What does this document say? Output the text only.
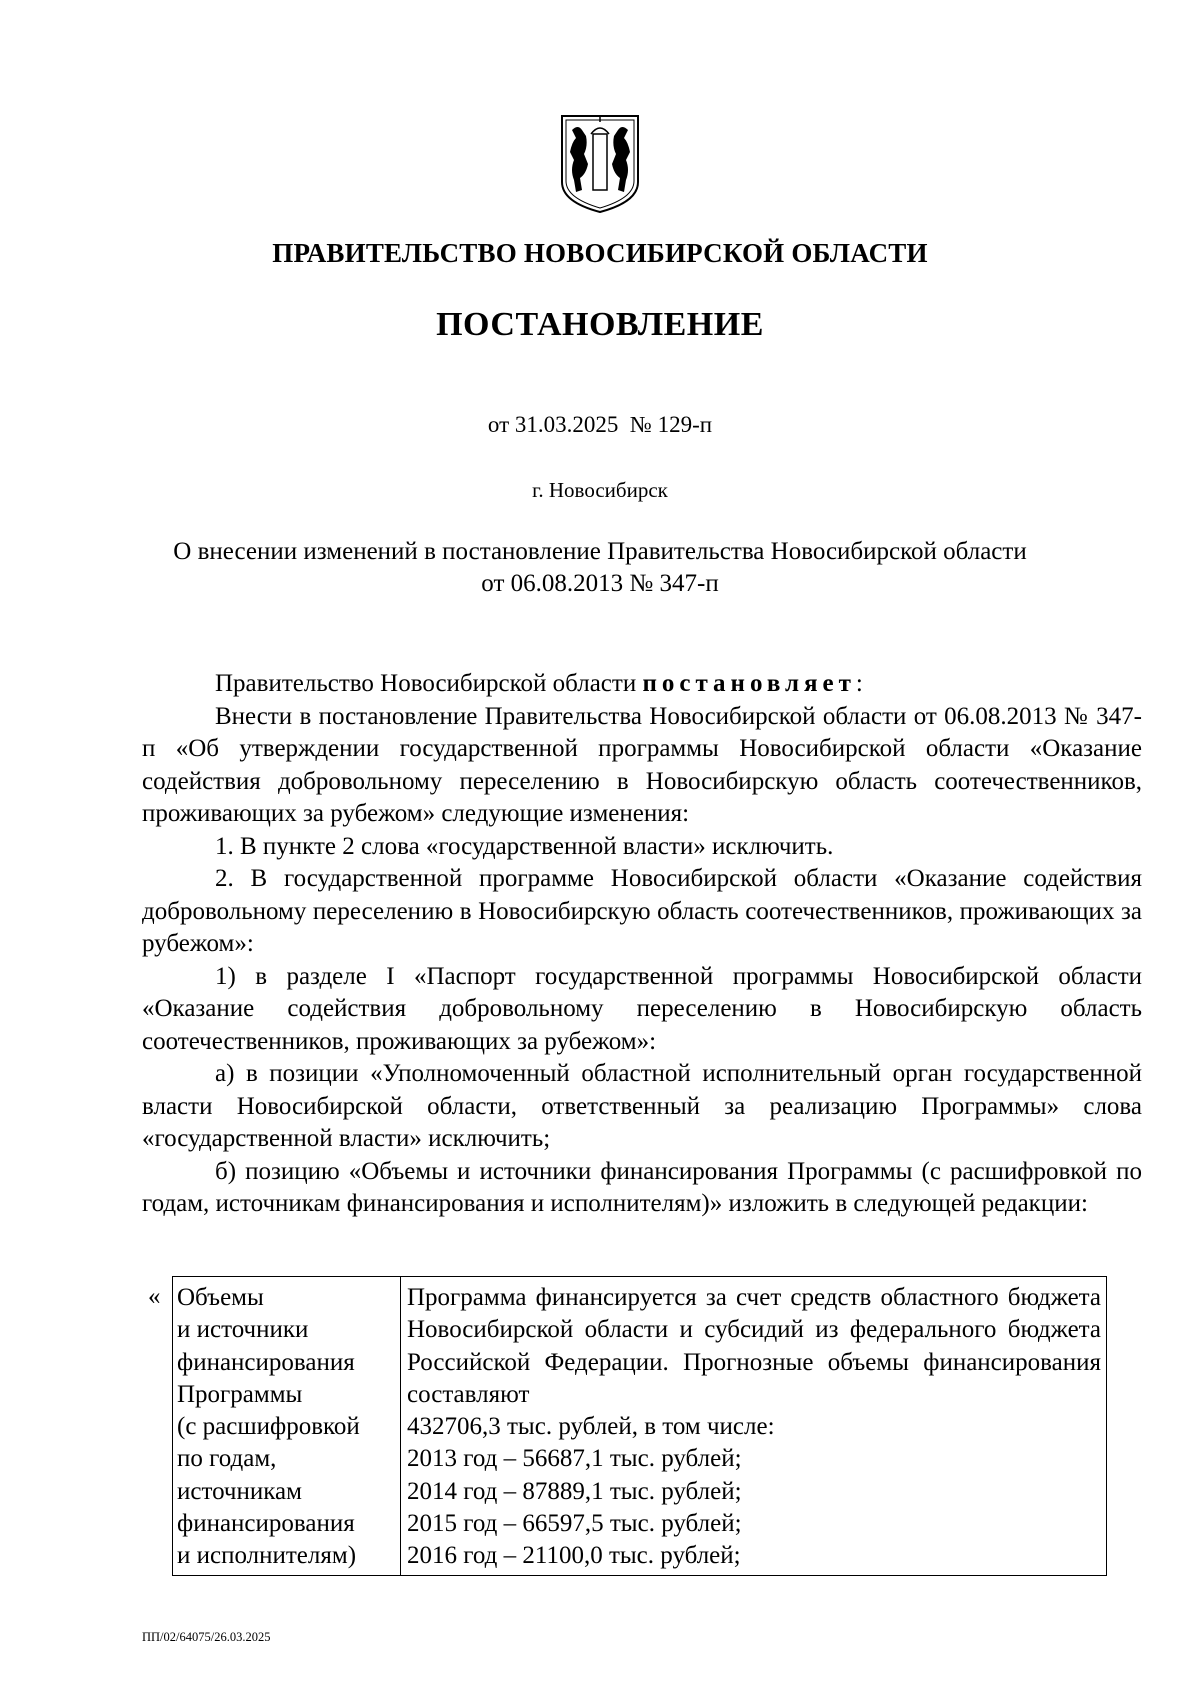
ПРАВИТЕЛЬСТВО НОВОСИБИРСКОЙ ОБЛАСТИ
ПОСТАНОВЛЕНИЕ
от 31.03.2025  № 129-п
г. Новосибирск
О внесении изменений в постановление Правительства Новосибирской области
от 06.08.2013 № 347-п

Правительство Новосибирской области постановляет:

Внести в постановление Правительства Новосибирской области от 06.08.2013 № 347-п «Об утверждении государственной программы Новосибирской области «Оказание содействия добровольному переселению в Новосибирскую область соотечественников, проживающих за рубежом» следующие изменения:

1. В пункте 2 слова «государственной власти» исключить.

2. В государственной программе Новосибирской области «Оказание содействия добровольному переселению в Новосибирскую область соотечественников, проживающих за рубежом»:

1) в разделе I «Паспорт государственной программы Новосибирской области «Оказание содействия добровольному переселению в Новосибирскую область соотечественников, проживающих за рубежом»:

а) в позиции «Уполномоченный областной исполнительный орган государственной власти Новосибирской области, ответственный за реализацию Программы» слова «государственной власти» исключить;

б) позицию «Объемы и источники финансирования Программы (с расшифровкой по годам, источникам финансирования и исполнителям)» изложить в следующей редакции:

« Объемы
и источники
финансирования
Программы
(с расшифровкой
по годам,
источникам
финансирования
и исполнителям)

Программа финансируется за счет средств областного бюджета Новосибирской области и субсидий из федерального бюджета Российской Федерации. Прогнозные объемы финансирования составляют

432706,3 тыс. рублей, в том числе:

2013 год – 56687,1 тыс. рублей;
2014 год – 87889,1 тыс. рублей;
2015 год – 66597,5 тыс. рублей;
2016 год – 21100,0 тыс. рублей;
ПП/02/64075/26.03.2025
